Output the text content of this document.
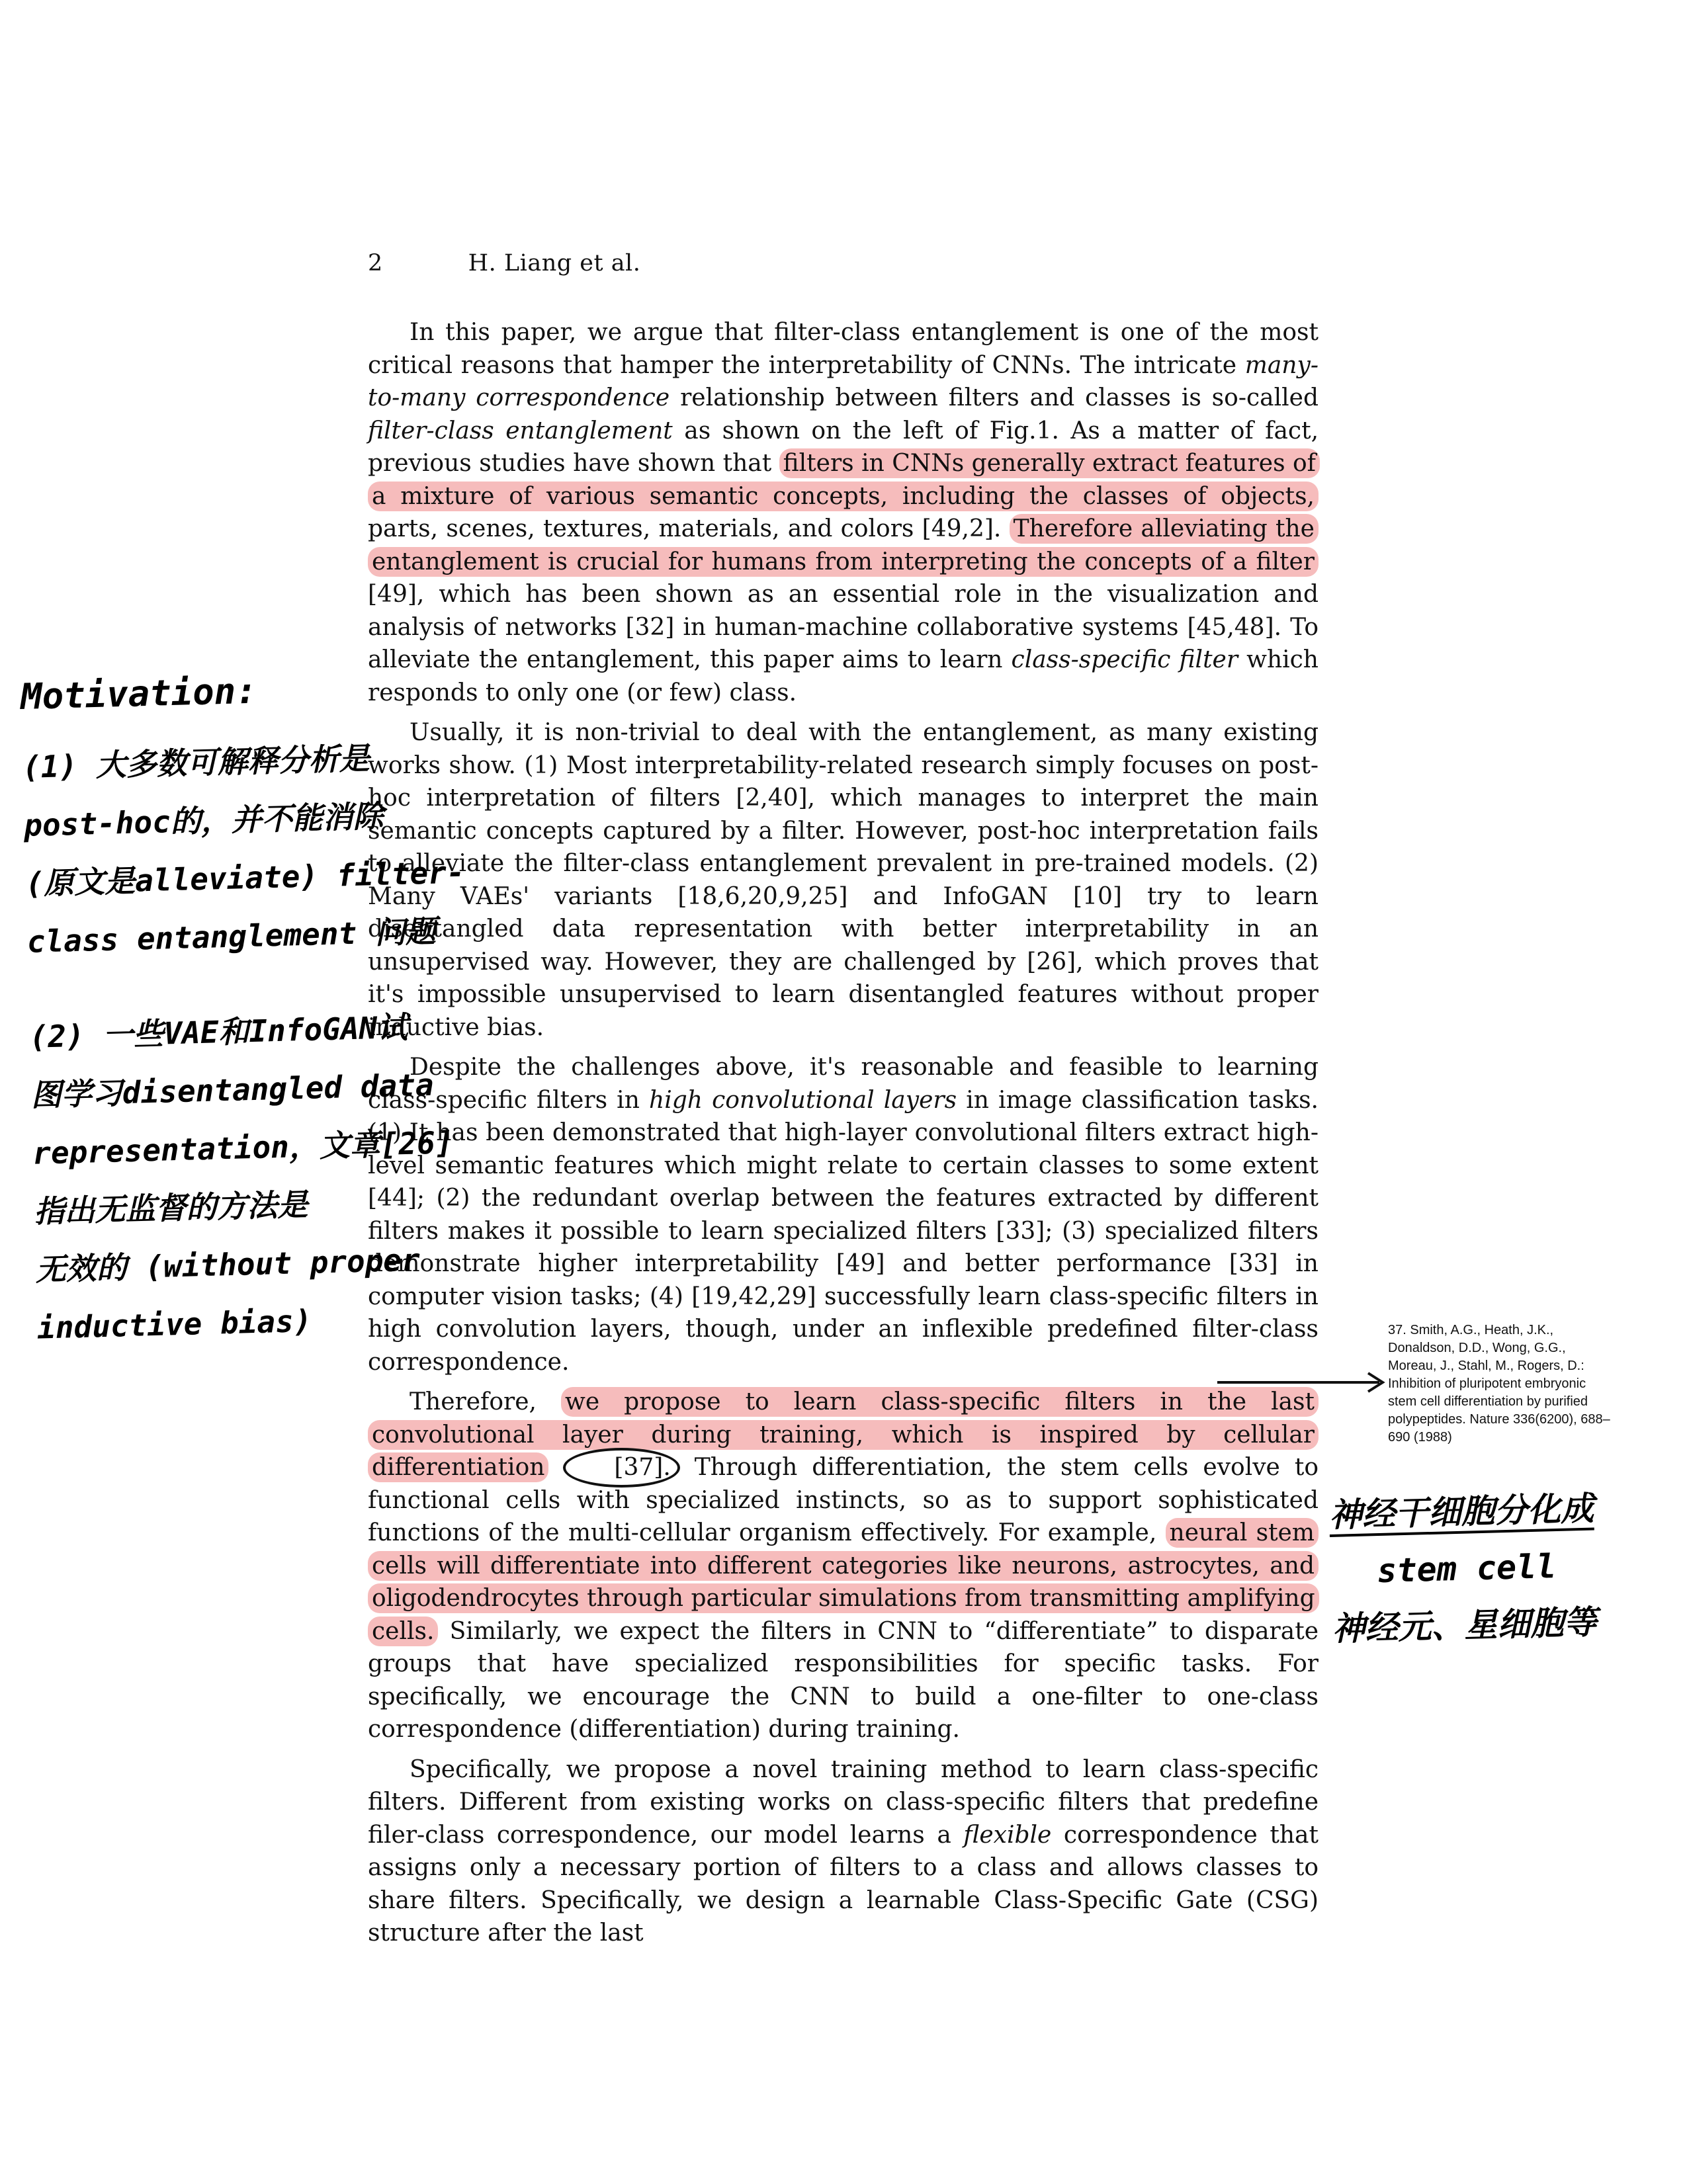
2	H. Liang et al.

In this paper, we argue that filter-class entanglement is one of the most critical reasons that hamper the interpretability of CNNs. The intricate many-to-many correspondence relationship between filters and classes is so-called filter-class entanglement as shown on the left of Fig.1. As a matter of fact, previous studies have shown that filters in CNNs generally extract features of a mixture of various semantic concepts, including the classes of objects, parts, scenes, textures, materials, and colors [49,2]. Therefore alleviating the entanglement is crucial for humans from interpreting the concepts of a filter [49], which has been shown as an essential role in the visualization and analysis of networks [32] in human-machine collaborative systems [45,48]. To alleviate the entanglement, this paper aims to learn class-specific filter which responds to only one (or few) class.

Usually, it is non-trivial to deal with the entanglement, as many existing works show. (1) Most interpretability-related research simply focuses on post-hoc interpretation of filters [2,40], which manages to interpret the main semantic concepts captured by a filter. However, post-hoc interpretation fails to alleviate the filter-class entanglement prevalent in pre-trained models. (2) Many VAEs' variants [18,6,20,9,25] and InfoGAN [10] try to learn disentangled data representation with better interpretability in an unsupervised way. However, they are challenged by [26], which proves that it's impossible unsupervised to learn disentangled features without proper inductive bias.

Despite the challenges above, it's reasonable and feasible to learning class-specific filters in high convolutional layers in image classification tasks. (1) It has been demonstrated that high-layer convolutional filters extract high-level semantic features which might relate to certain classes to some extent [44]; (2) the redundant overlap between the features extracted by different filters makes it possible to learn specialized filters [33]; (3) specialized filters demonstrate higher interpretability [49] and better performance [33] in computer vision tasks; (4) [19,42,29] successfully learn class-specific filters in high convolution layers, though, under an inflexible predefined filter-class correspondence.

Therefore, we propose to learn class-specific filters in the last convolutional layer during training, which is inspired by cellular differentiation	[37]. Through differentiation, the stem cells evolve to functional cells with specialized instincts, so as to support sophisticated functions of the multi-cellular organism effectively. For example, neural stem cells will differentiate into different categories like neurons, astrocytes, and oligodendrocytes through particular simulations from transmitting amplifying cells. Similarly, we expect the filters in CNN to “differentiate” to disparate groups that have specialized responsibilities for specific tasks. For specifically, we encourage the CNN to build a one-filter to one-class correspondence (differentiation) during training.

Specifically, we propose a novel training method to learn class-specific filters. Different from existing works on class-specific filters that predefine filer-class correspondence, our model learns a flexible correspondence that assigns only a necessary portion of filters to a class and allows classes to share filters. Specifically, we design a learnable Class-Specific Gate (CSG) structure after the last

37. Smith, A.G., Heath, J.K., Donaldson, D.D., Wong, G.G., Moreau, J., Stahl, M., Rogers, D.: Inhibition of pluripotent embryonic stem cell differentiation by purified polypeptides. Nature 336(6200), 688–690 (1988)
Motivation:
(1) 大多数可解释分析是
post-hoc的，并不能消除
(原文是alleviate) filter-
class entanglement 问题
(2) 一些VAE和InfoGAN试
图学习disentangled data
representation，文章[26]
指出无监督的方法是
无效的 (without proper
inductive bias)
神经干细胞分化成
stem cell
神经元、星细胞等
